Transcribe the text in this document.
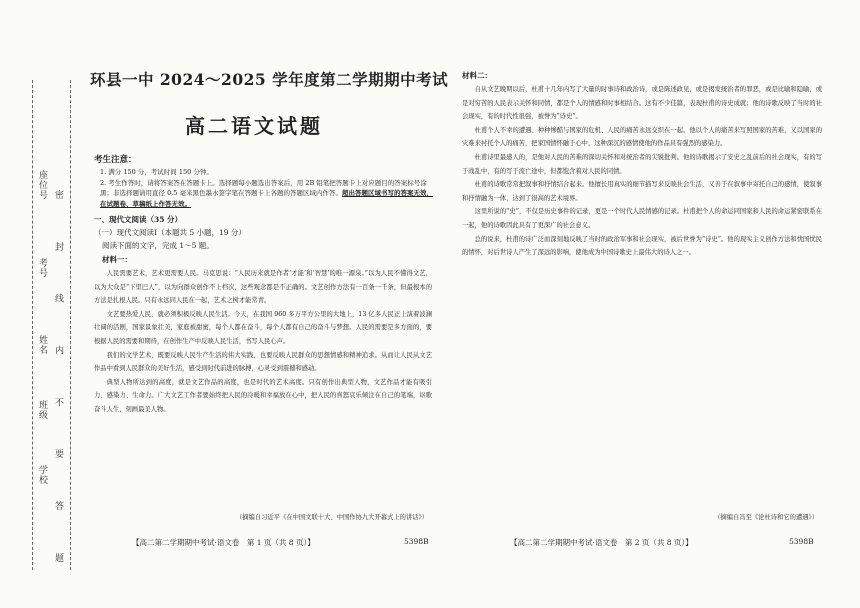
座位号
考号
姓名
班级
学校 密 封 线 内 不 要 答 题
环县一中 2024～2025 学年度第二学期期中考试
高二语文试题
考生注意：
1. 满分 150 分，考试时间 150 分钟。
2. 考生作答时，请将答案答在答题卡上。选择题每小题选出答案后，用 2B 铅笔把答题卡上对应题目的答案标号涂黑；非选择题请用直径 0.5 毫米黑色墨水签字笔在答题卡上各题的答题区域内作答。超出答题区域书写的答案无效，在试题卷、草稿纸上作答无效。
一、现代文阅读（35 分）
（一）现代文阅读Ⅰ（本题共 5 小题，19 分）
阅读下面的文字，完成 1～5 题。
材料一：

人民需要艺术，艺术更需要人民。马克思说：“人民历来就是作者‘才能’和‘智慧’的唯一源泉。”以为人民不懂得文艺，以为大众是“下里巴人”，以为向群众创作不上档次，这些观念都是不正确的。文艺创作方法有一百条一千条，但最根本的方法是扎根人民。只有永远同人民在一起，艺术之树才能常青。

文艺要热爱人民，就必须积极反映人民生活。今天，在我国 960 多万平方公里的大地上，13 亿多人民正上演着波澜壮阔的活剧，国家景象壮美，家庭被甜蜜，每个人都在奋斗，每个人都有自己的奋斗与梦想。人民的需要是多方面的，要根据人民的需要和期待，在创作生产中反映人民生活，书写人民心声。

我们的文学艺术，既要反映人民生产生活的伟大实践，也要反映人民群众的思想情感和精神追求。从而让人民从文艺作品中看到人民群众的美好生活，感受到时代前进的脉搏，心灵受到震撼和感动。

典型人物所达到的高度，就是文艺作品的高度，也是时代的艺术高度。只有创作出典型人物，文艺作品才能有吸引力、感染力、生命力。广大文艺工作者要始终把人民的冷暖和幸福放在心中，把人民的喜怒哀乐倾注在自己的笔端，讴歌奋斗人生，刻画最美人物。

（摘编自习近平《在中国文联十大、中国作协九大开幕式上的讲话》）
【高二第二学期期中考试·语文卷　第 1 页（共 8 页）】	5398B
材料二：

自从文艺晚期以后，杜甫十几年内写了大量的时事诗和政治诗，或是陈述政见，或是揭发统治者的罪恶，或是比喻和隐喻，或是对穷苦的人民表示关怀和同情，都是个人的情感和时事相结合。这有不少佳篇，表现杜甫的诗史成就；他的诗歌反映了当时的社会现实，有的时代性很强，被誉为“诗史”。

杜甫个人不幸的遭遇、种种惨酷与国家的危机、人民的痛苦永远交织在一起。他以个人的痛苦来写照国家的苦难，又以国家的灾难来衬托个人的痛苦，把家国情怀融于心中，这种深沉的感情使他的作品具有强烈的感染力。

杜甫诗里最感人的，是他对人民的苦难的深切关怀和对统治者的尖锐批判。他的诗歌揭示了安史之乱前后的社会现实，有的写于战乱中，有的写于流亡途中，但都饱含着对人民的同情。

杜甫的诗歌常常把叙事和抒情结合起来。他擅长用真实的细节描写来反映社会生活，又善于在叙事中寄托自己的感情，使叙事和抒情融为一体，达到了很高的艺术境界。

这里所说的“史”，不仅是历史事件的记录，更是一个时代人民情感的记录。杜甫把个人的命运同国家和人民的命运紧密联系在一起，他的诗歌因此具有了更深广的社会意义。

总的说来，杜甫的诗广泛而深刻地反映了当时的政治军事和社会现实，被后世誉为“诗史”。他的现实主义创作方法和忧国忧民的情怀，对后世诗人产生了深远的影响，使他成为中国诗歌史上最伟大的诗人之一。

（摘编自冯至《论杜诗和它的遭遇》）
【高二第二学期期中考试·语文卷　第 2 页（共 8 页）】	5398B
